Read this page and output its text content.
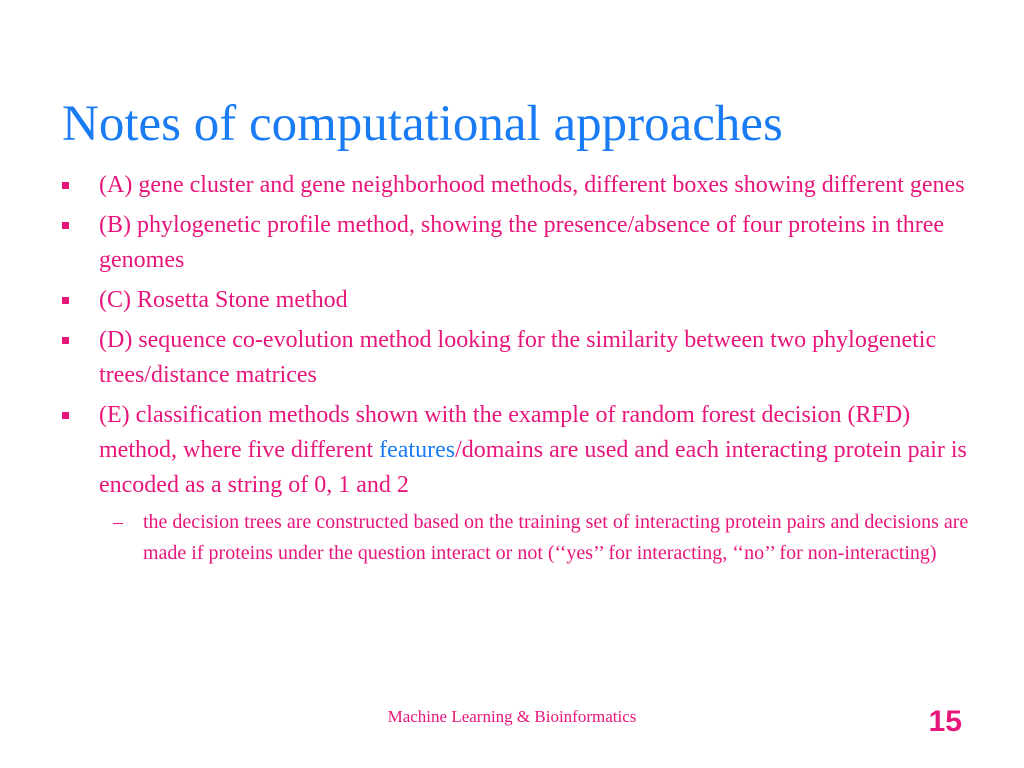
Notes of computational approaches
(A) gene cluster and gene neighborhood methods, different boxes showing different genes
(B) phylogenetic profile method, showing the presence/absence of four proteins in three genomes
(C) Rosetta Stone method
(D) sequence co-evolution method looking for the similarity between two phylogenetic trees/distance matrices
(E) classification methods shown with the example of random forest decision (RFD) method, where five different features/domains are used and each interacting protein pair is encoded as a string of 0, 1 and 2
– the decision trees are constructed based on the training set of interacting protein pairs and decisions are made if proteins under the question interact or not (‘‘yes’’ for interacting, ‘‘no’’ for non-interacting)
Machine Learning & Bioinformatics	15
